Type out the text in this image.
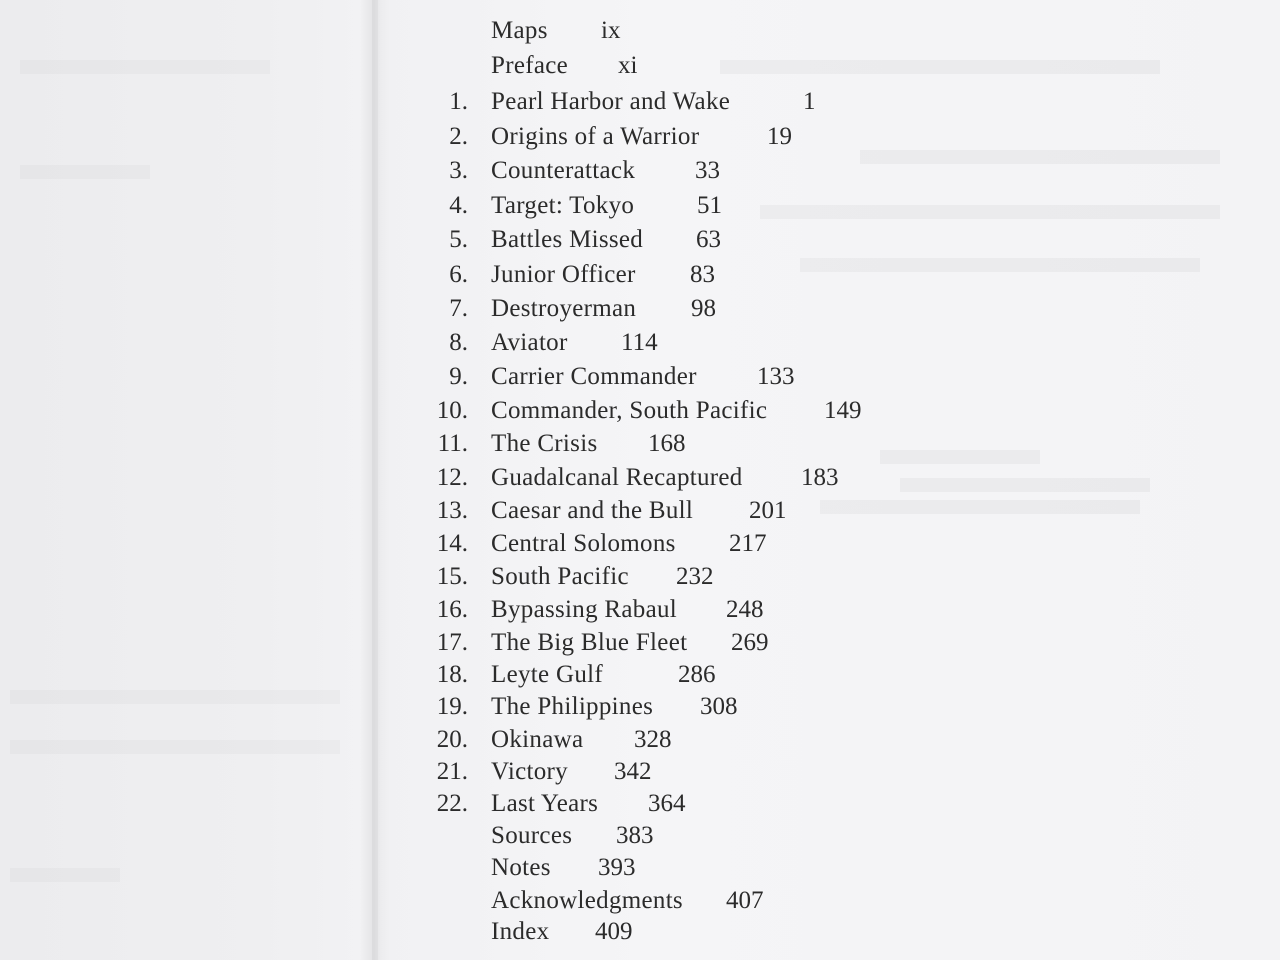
Maps ix
Preface xi
1. Pearl Harbor and Wake	1
2. Origins of a Warrior	19
3. Counterattack 33
4. Target: Tokyo	51
5. Battles Missed 63
6. Junior Officer 83
7. Destroyerman 98
8. Aviator 114
9. Carrier Commander 133
10. Commander, South Pacific 149
11. The Crisis 168
12. Guadalcanal Recaptured 183
13. Caesar and the Bull 201
14. Central Solomons 217
15. South Pacific 232
16. Bypassing Rabaul 248
17. The Big Blue Fleet 269
18. Leyte Gulf	286
19. The Philippines 308
20. Okinawa 328
21. Victory 342
22. Last Years 364
Sources 383
Notes 393
Acknowledgments 407
Index 409
